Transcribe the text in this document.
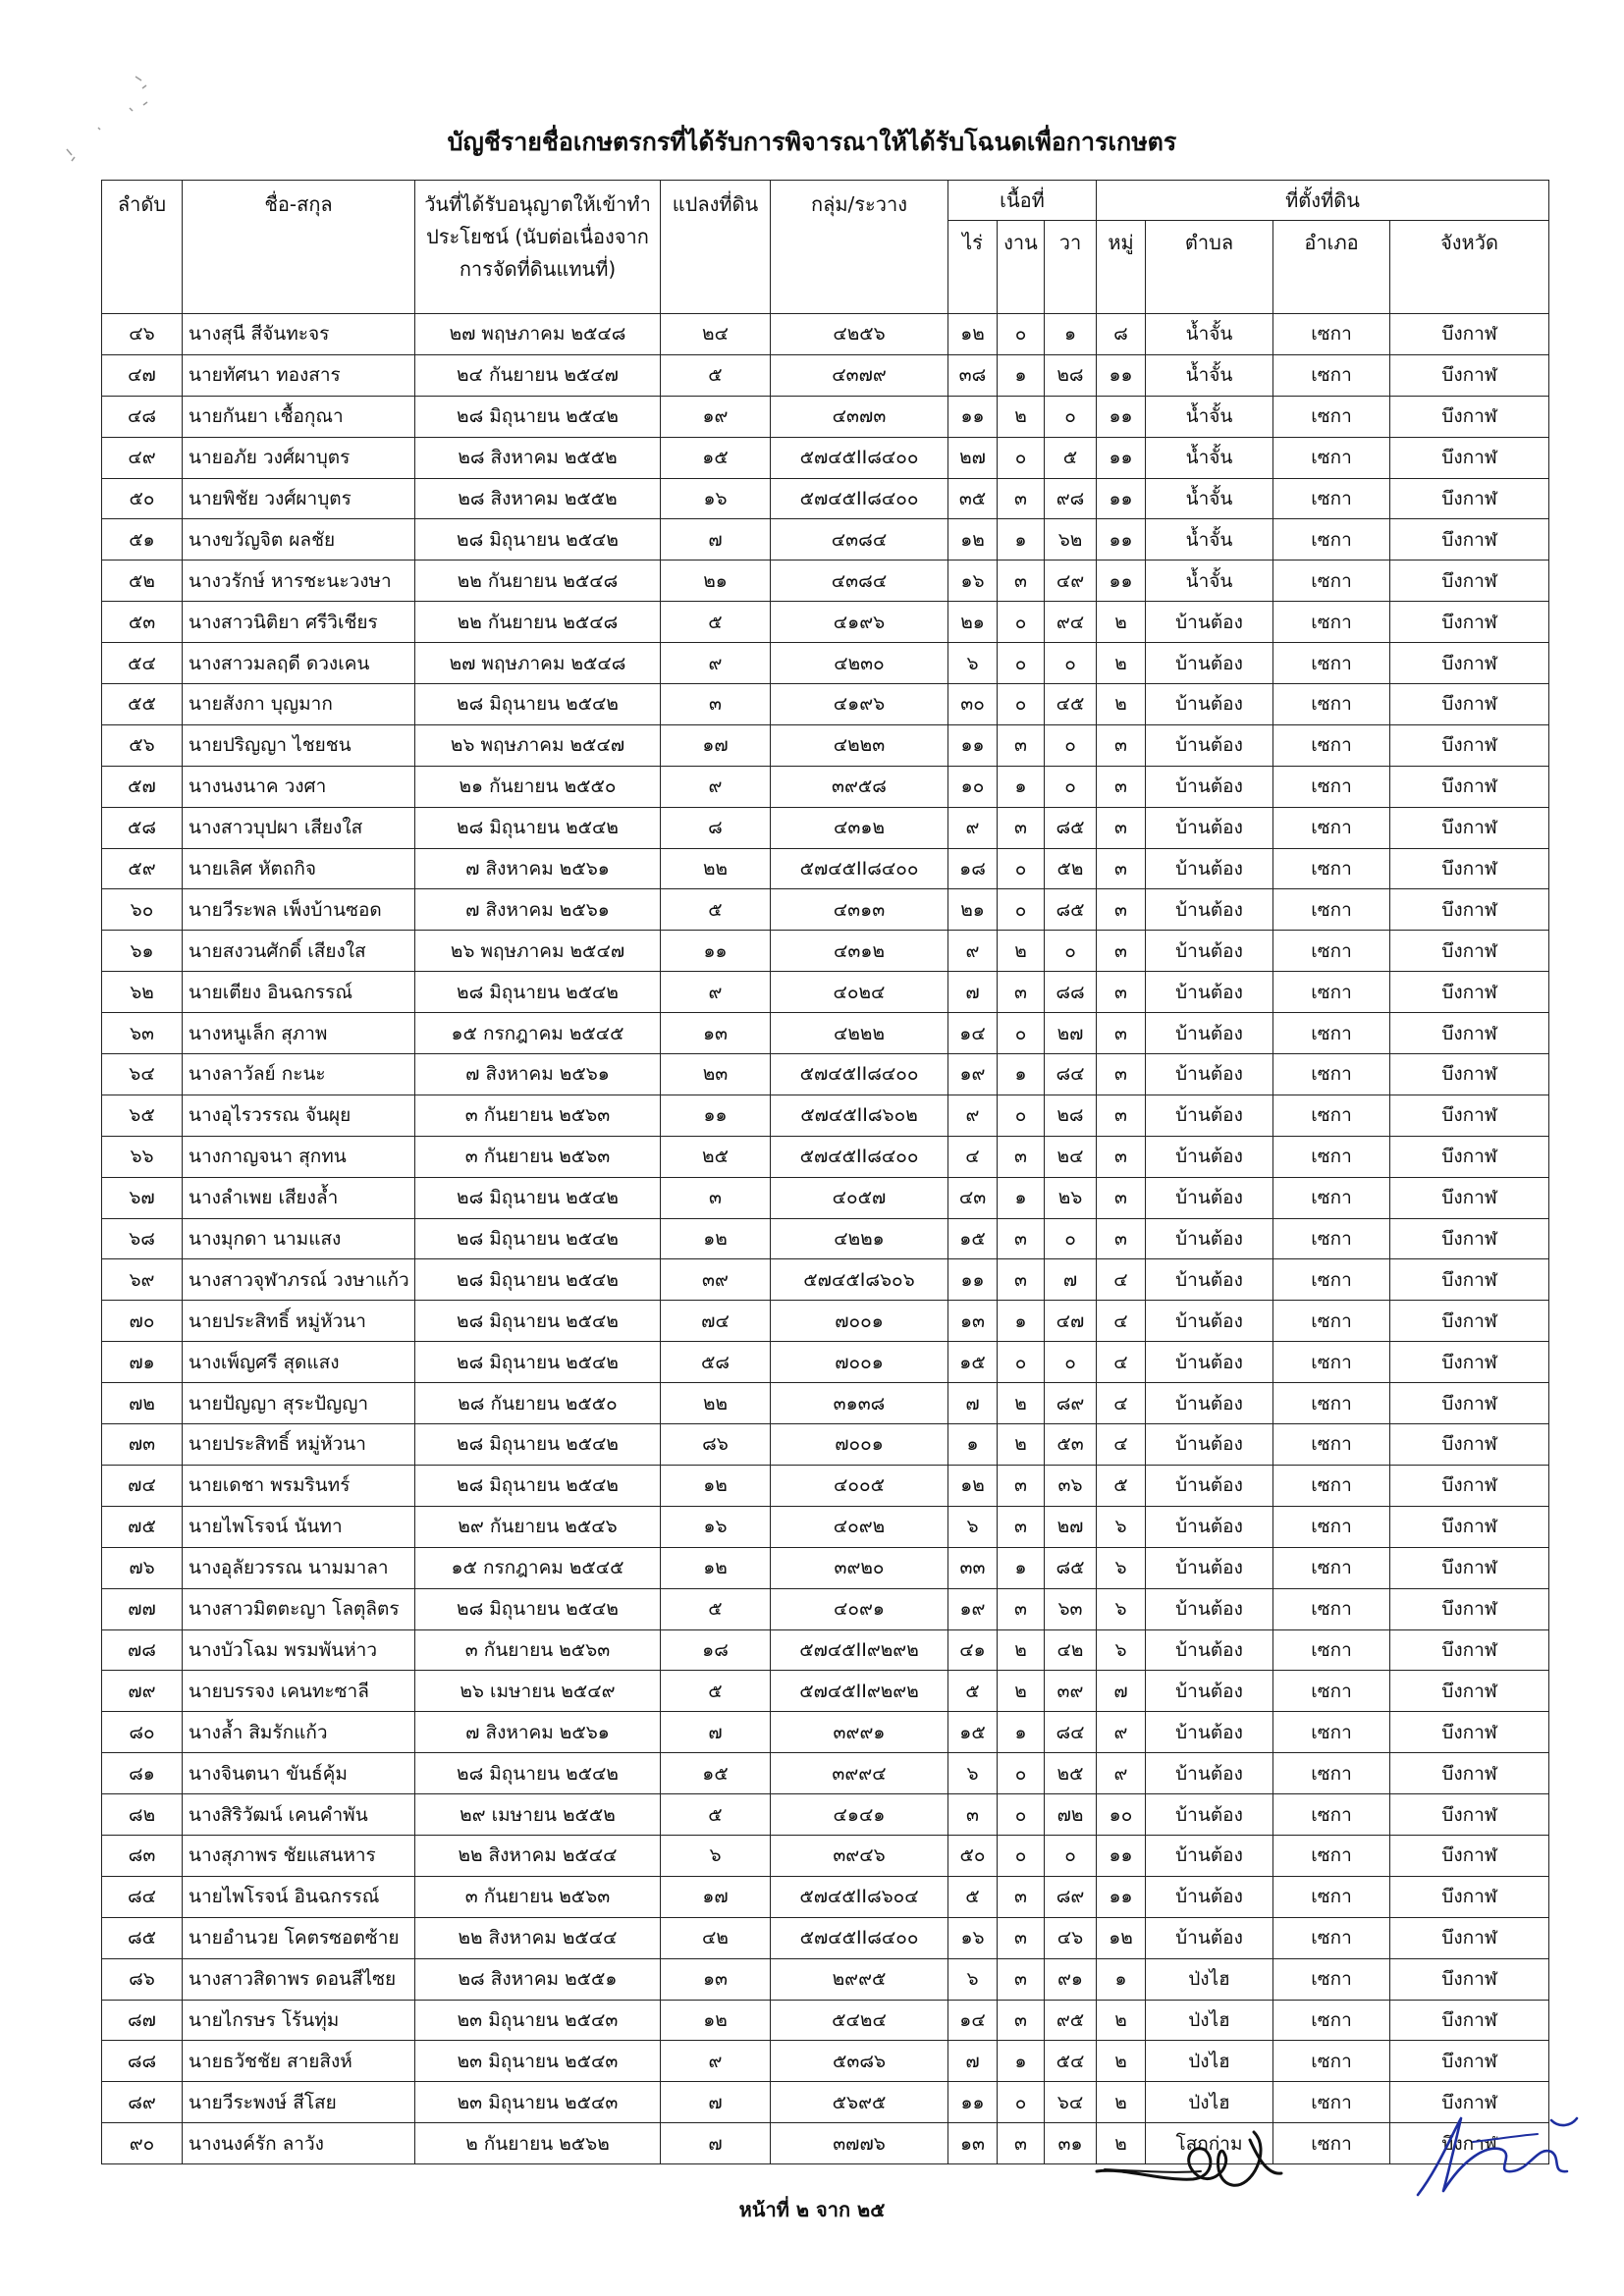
บัญชีรายชื่อเกษตรกรที่ได้รับการพิจารณาให้ได้รับโฉนดเพื่อการเกษตร
ลำดับ	ชื่อ-สกุล	วันที่ได้รับอนุญาตให้เข้าทำประโยชน์ (นับต่อเนื่องจากการจัดที่ดินแทนที่)	แปลงที่ดิน	กลุ่ม/ระวาง	เนื้อที่			ที่ตั้งที่ดิน			
					ไร่	งาน	วา	หมู่	ตำบล	อำเภอ	จังหวัด
๔๖	นางสุนี สีจันทะจร	๒๗ พฤษภาคม ๒๕๔๘	๒๔	๔๒๕๖	๑๒	๐	๑	๘	น้ำจั้น	เซกา	บึงกาฬ
๔๗	นายทัศนา ทองสาร	๒๔ กันยายน ๒๕๔๗	๕	๔๓๗๙	๓๘	๑	๒๘	๑๑	น้ำจั้น	เซกา	บึงกาฬ
๔๘	นายกันยา เชื้อกุณา	๒๘ มิถุนายน ๒๕๔๒	๑๙	๔๓๗๓	๑๑	๒	๐	๑๑	น้ำจั้น	เซกา	บึงกาฬ
๔๙	นายอภัย วงศ์ผาบุตร	๒๘ สิงหาคม ๒๕๕๒	๑๕	๕๗๔๕II๘๔๐๐	๒๗	๐	๕	๑๑	น้ำจั้น	เซกา	บึงกาฬ
๕๐	นายพิชัย วงศ์ผาบุตร	๒๘ สิงหาคม ๒๕๕๒	๑๖	๕๗๔๕II๘๔๐๐	๓๕	๓	๙๘	๑๑	น้ำจั้น	เซกา	บึงกาฬ
๕๑	นางขวัญจิต ผลชัย	๒๘ มิถุนายน ๒๕๔๒	๗	๔๓๘๔	๑๒	๑	๖๒	๑๑	น้ำจั้น	เซกา	บึงกาฬ
๕๒	นางวรักษ์ หารชะนะวงษา	๒๒ กันยายน ๒๕๔๘	๒๑	๔๓๘๔	๑๖	๓	๔๙	๑๑	น้ำจั้น	เซกา	บึงกาฬ
๕๓	นางสาวนิติยา ศรีวิเชียร	๒๒ กันยายน ๒๕๔๘	๕	๔๑๙๖	๒๑	๐	๙๔	๒	บ้านต้อง	เซกา	บึงกาฬ
๕๔	นางสาวมลฤดี ดวงเคน	๒๗ พฤษภาคม ๒๕๔๘	๙	๔๒๓๐	๖	๐	๐	๒	บ้านต้อง	เซกา	บึงกาฬ
๕๕	นายสังกา บุญมาก	๒๘ มิถุนายน ๒๕๔๒	๓	๔๑๙๖	๓๐	๐	๔๕	๒	บ้านต้อง	เซกา	บึงกาฬ
๕๖	นายปริญญา ไชยชน	๒๖ พฤษภาคม ๒๕๔๗	๑๗	๔๒๒๓	๑๑	๓	๐	๓	บ้านต้อง	เซกา	บึงกาฬ
๕๗	นางนงนาค วงศา	๒๑ กันยายน ๒๕๕๐	๙	๓๙๕๘	๑๐	๑	๐	๓	บ้านต้อง	เซกา	บึงกาฬ
๕๘	นางสาวบุปผา เสียงใส	๒๘ มิถุนายน ๒๕๔๒	๘	๔๓๑๒	๙	๓	๘๕	๓	บ้านต้อง	เซกา	บึงกาฬ
๕๙	นายเลิศ หัตถกิจ	๗ สิงหาคม ๒๕๖๑	๒๒	๕๗๔๕II๘๔๐๐	๑๘	๐	๕๒	๓	บ้านต้อง	เซกา	บึงกาฬ
๖๐	นายวีระพล เพ็งบ้านซอด	๗ สิงหาคม ๒๕๖๑	๕	๔๓๑๓	๒๑	๐	๘๕	๓	บ้านต้อง	เซกา	บึงกาฬ
๖๑	นายสงวนศักดิ์ เสียงใส	๒๖ พฤษภาคม ๒๕๔๗	๑๑	๔๓๑๒	๙	๒	๐	๓	บ้านต้อง	เซกา	บึงกาฬ
๖๒	นายเตียง อินฉกรรณ์	๒๘ มิถุนายน ๒๕๔๒	๙	๔๐๒๔	๗	๓	๘๘	๓	บ้านต้อง	เซกา	บึงกาฬ
๖๓	นางหนูเล็ก สุภาพ	๑๕ กรกฎาคม ๒๕๔๕	๑๓	๔๒๒๒	๑๔	๐	๒๗	๓	บ้านต้อง	เซกา	บึงกาฬ
๖๔	นางลาวัลย์ กะนะ	๗ สิงหาคม ๒๕๖๑	๒๓	๕๗๔๕II๘๔๐๐	๑๙	๑	๘๔	๓	บ้านต้อง	เซกา	บึงกาฬ
๖๕	นางอุไรวรรณ จันผุย	๓ กันยายน ๒๕๖๓	๑๑	๕๗๔๕II๘๖๐๒	๙	๐	๒๘	๓	บ้านต้อง	เซกา	บึงกาฬ
๖๖	นางกาญจนา สุกทน	๓ กันยายน ๒๕๖๓	๒๕	๕๗๔๕II๘๔๐๐	๔	๓	๒๔	๓	บ้านต้อง	เซกา	บึงกาฬ
๖๗	นางลำเพย เสียงล้ำ	๒๘ มิถุนายน ๒๕๔๒	๓	๔๐๕๗	๔๓	๑	๒๖	๓	บ้านต้อง	เซกา	บึงกาฬ
๖๘	นางมุกดา นามแสง	๒๘ มิถุนายน ๒๕๔๒	๑๒	๔๒๒๑	๑๕	๓	๐	๓	บ้านต้อง	เซกา	บึงกาฬ
๖๙	นางสาวจุฬาภรณ์ วงษาแก้ว	๒๘ มิถุนายน ๒๕๔๒	๓๙	๕๗๔๕I๘๖๐๖	๑๑	๓	๗	๔	บ้านต้อง	เซกา	บึงกาฬ
๗๐	นายประสิทธิ์ หมู่หัวนา	๒๘ มิถุนายน ๒๕๔๒	๗๔	๗๐๐๑	๑๓	๑	๔๗	๔	บ้านต้อง	เซกา	บึงกาฬ
๗๑	นางเพ็ญศรี สุดแสง	๒๘ มิถุนายน ๒๕๔๒	๕๘	๗๐๐๑	๑๕	๐	๐	๔	บ้านต้อง	เซกา	บึงกาฬ
๗๒	นายปัญญา สุระปัญญา	๒๘ กันยายน ๒๕๕๐	๒๒	๓๑๓๘	๗	๒	๘๙	๔	บ้านต้อง	เซกา	บึงกาฬ
๗๓	นายประสิทธิ์ หมู่หัวนา	๒๘ มิถุนายน ๒๕๔๒	๘๖	๗๐๐๑	๑	๒	๕๓	๔	บ้านต้อง	เซกา	บึงกาฬ
๗๔	นายเดชา พรมรินทร์	๒๘ มิถุนายน ๒๕๔๒	๑๒	๔๐๐๕	๑๒	๓	๓๖	๕	บ้านต้อง	เซกา	บึงกาฬ
๗๕	นายไพโรจน์ นันทา	๒๙ กันยายน ๒๕๔๖	๑๖	๔๐๙๒	๖	๓	๒๗	๖	บ้านต้อง	เซกา	บึงกาฬ
๗๖	นางอุลัยวรรณ นามมาลา	๑๕ กรกฎาคม ๒๕๔๕	๑๒	๓๙๒๐	๓๓	๑	๘๕	๖	บ้านต้อง	เซกา	บึงกาฬ
๗๗	นางสาวมิตตะญา โลตุลิตร	๒๘ มิถุนายน ๒๕๔๒	๕	๔๐๙๑	๑๙	๓	๖๓	๖	บ้านต้อง	เซกา	บึงกาฬ
๗๘	นางบัวโฉม พรมพันห่าว	๓ กันยายน ๒๕๖๓	๑๘	๕๗๔๕II๙๒๙๒	๔๑	๒	๔๒	๖	บ้านต้อง	เซกา	บึงกาฬ
๗๙	นายบรรจง เคนทะซาลี	๒๖ เมษายน ๒๕๔๙	๕	๕๗๔๕II๙๒๙๒	๕	๒	๓๙	๗	บ้านต้อง	เซกา	บึงกาฬ
๘๐	นางล้ำ สิมรักแก้ว	๗ สิงหาคม ๒๕๖๑	๗	๓๙๙๑	๑๕	๑	๘๔	๙	บ้านต้อง	เซกา	บึงกาฬ
๘๑	นางจินตนา ขันธ์คุ้ม	๒๘ มิถุนายน ๒๕๔๒	๑๕	๓๙๙๔	๖	๐	๒๕	๙	บ้านต้อง	เซกา	บึงกาฬ
๘๒	นางสิริวัฒน์ เคนคำพัน	๒๙ เมษายน ๒๕๕๒	๕	๔๑๔๑	๓	๐	๗๒	๑๐	บ้านต้อง	เซกา	บึงกาฬ
๘๓	นางสุภาพร ชัยแสนหาร	๒๒ สิงหาคม ๒๕๔๔	๖	๓๙๔๖	๕๐	๐	๐	๑๑	บ้านต้อง	เซกา	บึงกาฬ
๘๔	นายไพโรจน์ อินฉกรรณ์	๓ กันยายน ๒๕๖๓	๑๗	๕๗๔๕II๘๖๐๔	๕	๓	๘๙	๑๑	บ้านต้อง	เซกา	บึงกาฬ
๘๕	นายอำนวย โคตรซอตซ้าย	๒๒ สิงหาคม ๒๕๔๔	๔๒	๕๗๔๕II๘๔๐๐	๑๖	๓	๔๖	๑๒	บ้านต้อง	เซกา	บึงกาฬ
๘๖	นางสาวสิดาพร ดอนสีไซย	๒๘ สิงหาคม ๒๕๕๑	๑๓	๒๙๙๕	๖	๓	๙๑	๑	ป่งไฮ	เซกา	บึงกาฬ
๘๗	นายไกรษร โร้นทุ่ม	๒๓ มิถุนายน ๒๕๔๓	๑๒	๕๔๒๔	๑๔	๓	๙๕	๒	ป่งไฮ	เซกา	บึงกาฬ
๘๘	นายธวัชชัย สายสิงห์	๒๓ มิถุนายน ๒๕๔๓	๙	๕๓๘๖	๗	๑	๕๔	๒	ป่งไฮ	เซกา	บึงกาฬ
๘๙	นายวีระพงษ์ สีโสย	๒๓ มิถุนายน ๒๕๔๓	๗	๕๖๙๕	๑๑	๐	๖๔	๒	ป่งไฮ	เซกา	บึงกาฬ
๙๐	นางนงค์รัก ลาวัง	๒ กันยายน ๒๕๖๒	๗	๓๗๗๖	๑๓	๓	๓๑	๒	โสกก่าม	เซกา	บึงกาฬ
หน้าที่ ๒ จาก ๒๕
